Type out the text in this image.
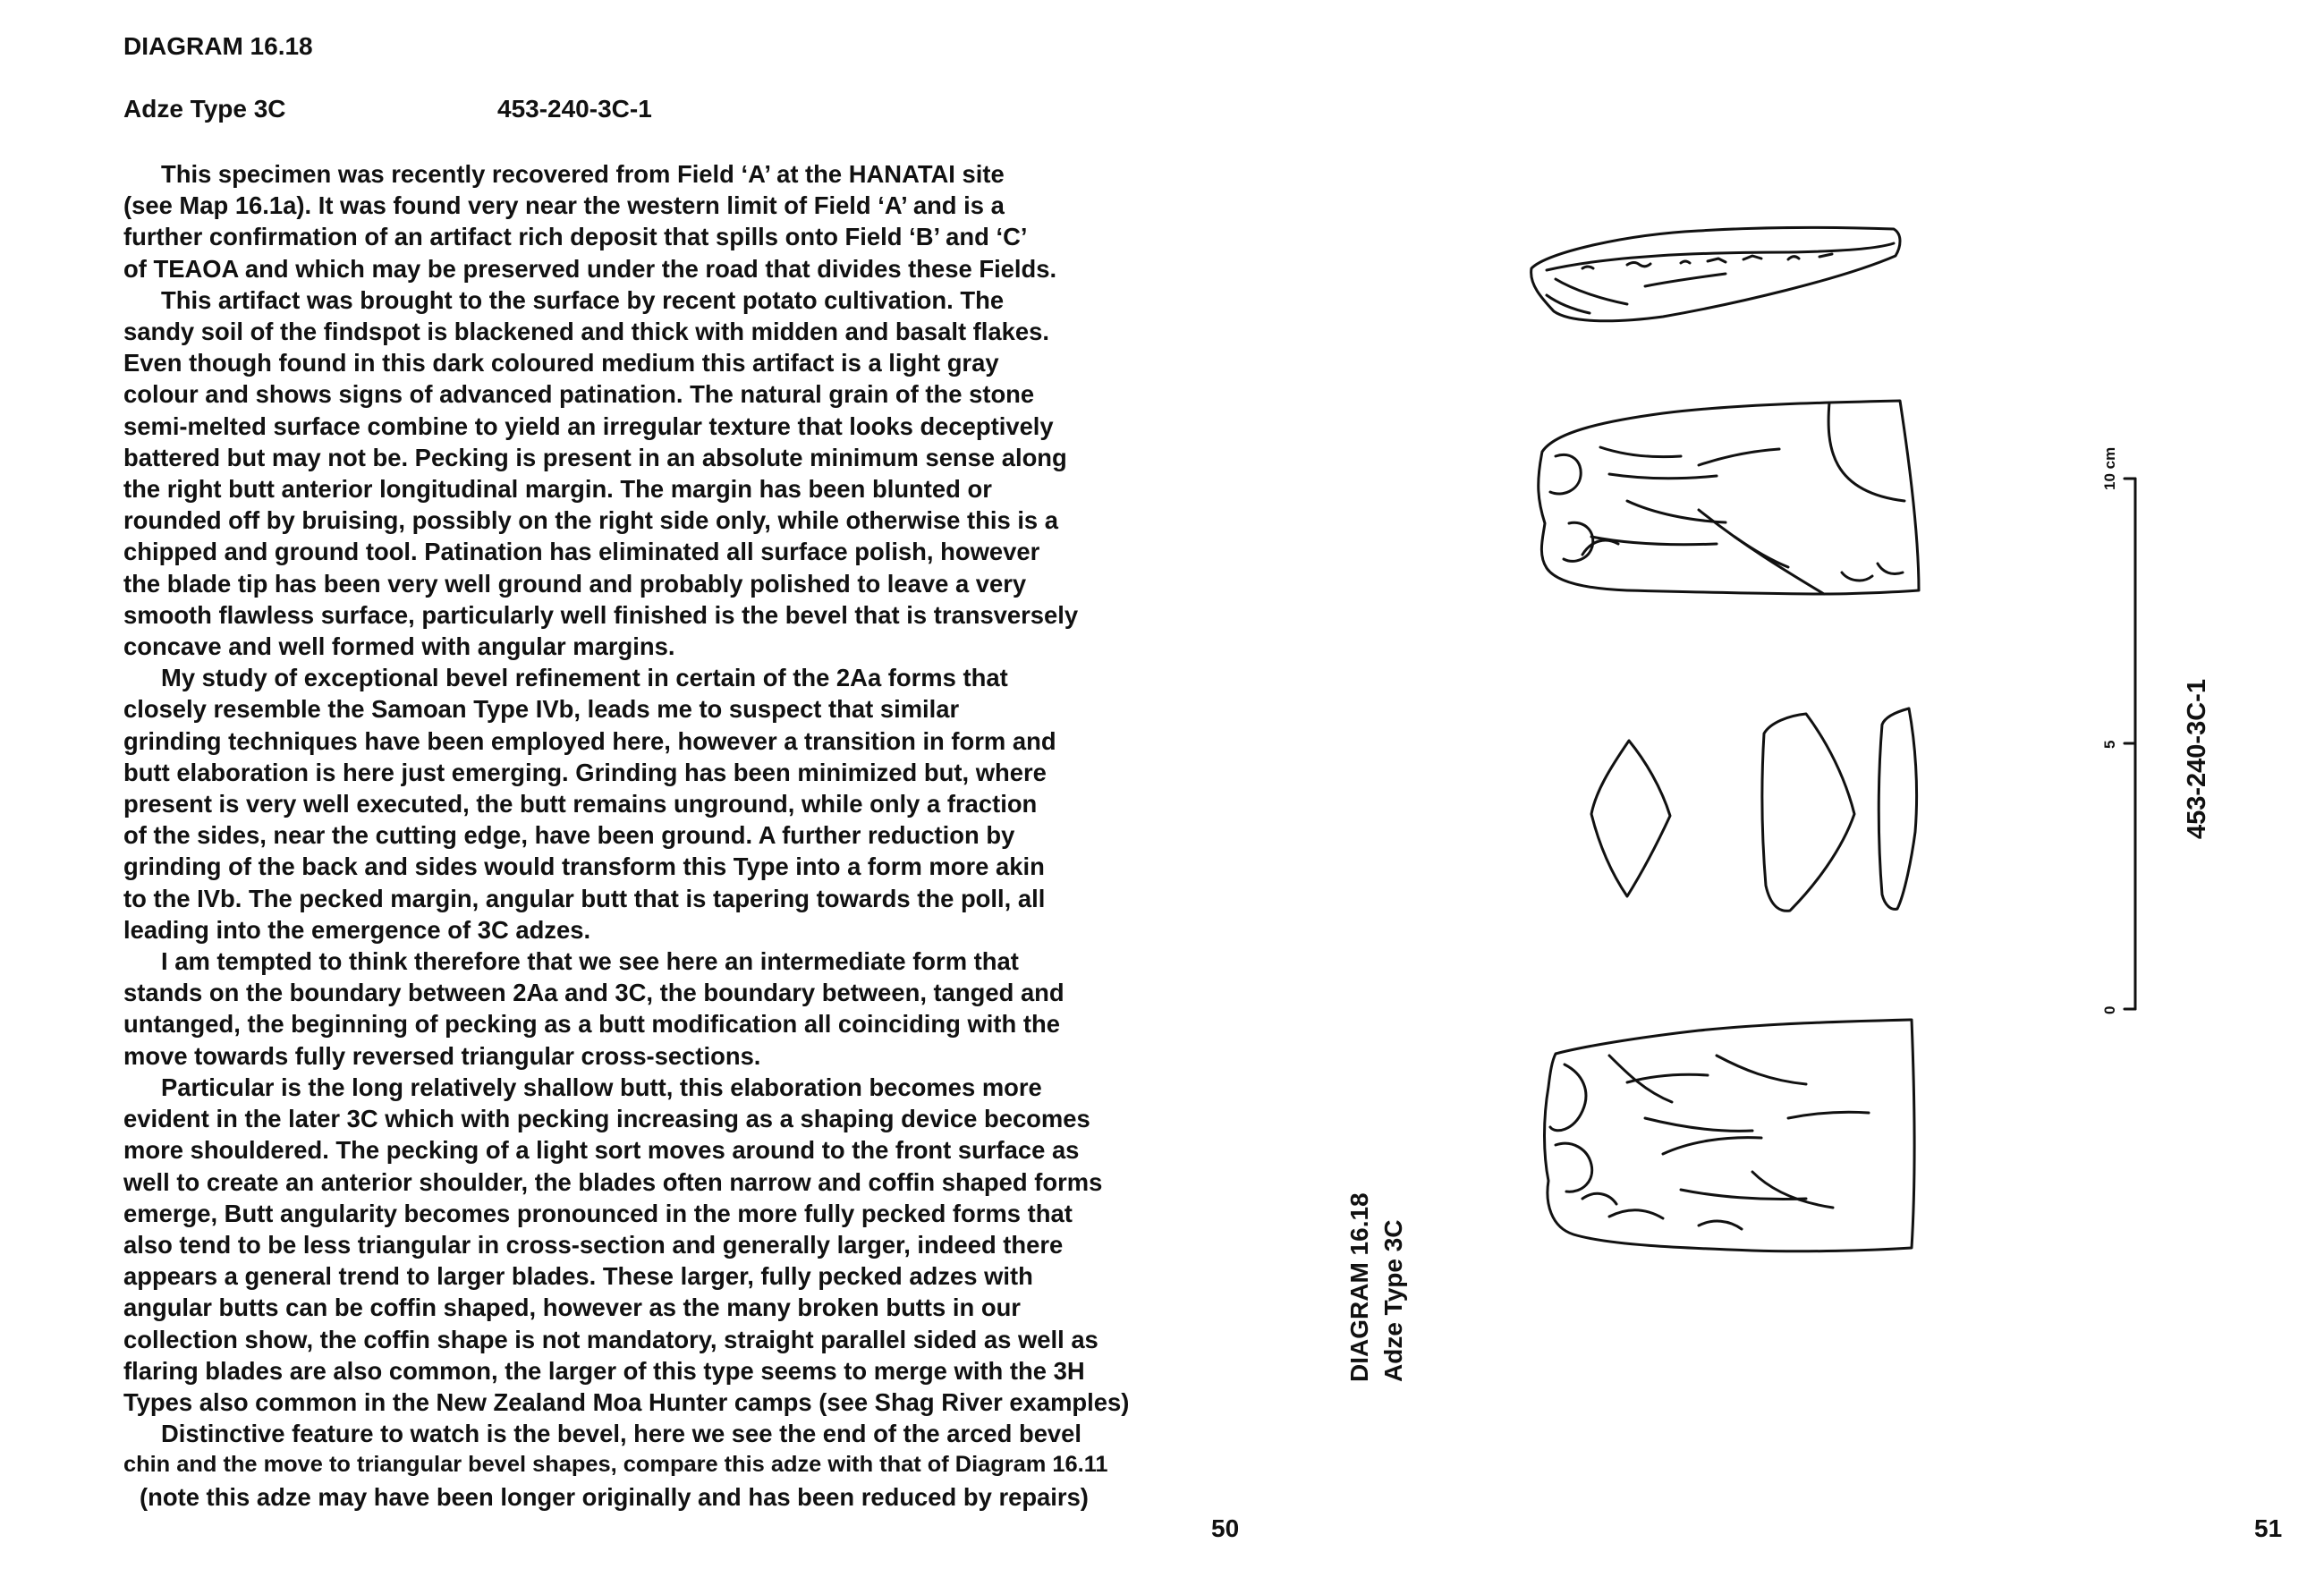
DIAGRAM 16.18
Adze Type 3C	453-240-3C-1
This specimen was recently recovered from Field ‘A’ at the HANATAI site
(see Map 16.1a). It was found very near the western limit of Field ‘A’ and is a
further confirmation of an artifact rich deposit that spills onto Field ‘B’ and ‘C’
of TEAOA and which may be preserved under the road that divides these Fields.
This artifact was brought to the surface by recent potato cultivation. The
sandy soil of the findspot is blackened and thick with midden and basalt flakes.
Even though found in this dark coloured medium this artifact is a light gray
colour and shows signs of advanced patination. The natural grain of the stone
semi-melted surface combine to yield an irregular texture that looks deceptively
battered but may not be. Pecking is present in an absolute minimum sense along
the right butt anterior longitudinal margin. The margin has been blunted or
rounded off by bruising, possibly on the right side only, while otherwise this is a
chipped and ground tool. Patination has eliminated all surface polish, however
the blade tip has been very well ground and probably polished to leave a very
smooth flawless surface, particularly well finished is the bevel that is transversely
concave and well formed with angular margins.
My study of exceptional bevel refinement in certain of the 2Aa forms that
closely resemble the Samoan Type IVb, leads me to suspect that similar
grinding techniques have been employed here, however a transition in form and
butt elaboration is here just emerging. Grinding has been minimized but, where
present is very well executed, the butt remains unground, while only a fraction
of the sides, near the cutting edge, have been ground. A further reduction by
grinding of the back and sides would transform this Type into a form more akin
to the IVb. The pecked margin, angular butt that is tapering towards the poll, all
leading into the emergence of 3C adzes.
I am tempted to think therefore that we see here an intermediate form that
stands on the boundary between 2Aa and 3C, the boundary between, tanged and
untanged, the beginning of pecking as a butt modification all coinciding with the
move towards fully reversed triangular cross-sections.
Particular is the long relatively shallow butt, this elaboration becomes more
evident in the later 3C which with pecking increasing as a shaping device becomes
more shouldered. The pecking of a light sort moves around to the front surface as
well to create an anterior shoulder, the blades often narrow and coffin shaped forms
emerge, Butt angularity becomes pronounced in the more fully pecked forms that
also tend to be less triangular in cross-section and generally larger, indeed there
appears a general trend to larger blades. These larger, fully pecked adzes with
angular butts can be coffin shaped, however as the many broken butts in our
collection show, the coffin shape is not mandatory, straight parallel sided as well as
flaring blades are also common, the larger of this type seems to merge with the 3H
Types also common in the New Zealand Moa Hunter camps (see Shag River examples)
Distinctive feature to watch is the bevel, here we see the end of the arced bevel
chin and the move to triangular bevel shapes, compare this adze with that of Diagram 16.11
(note this adze may have been longer originally and has been reduced by repairs)
50
0
5
10 cm
453-240-3C-1
DIAGRAM 16.18 Adze Type 3C
51
